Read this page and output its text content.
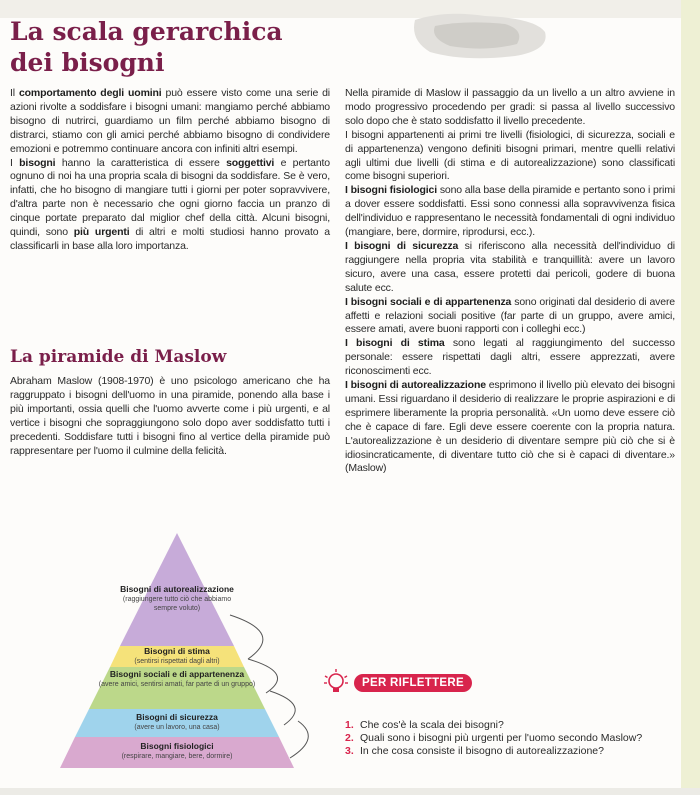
La scala gerarchica
dei bisogni

Il comportamento degli uomini può essere visto come una serie di azioni rivolte a soddisfare i bisogni umani: mangiamo perché abbiamo bisogno di nutrirci, guardiamo un film perché abbiamo bisogno di distrarci, stiamo con gli amici perché abbiamo bisogno di condividere emozioni e potremmo continuare ancora con infiniti altri esempi.

I bisogni hanno la caratteristica di essere soggettivi e pertanto ognuno di noi ha una propria scala di bisogni da soddisfare. Se è vero, infatti, che ho bisogno di mangiare tutti i giorni per poter sopravvivere, d'altra parte non è necessario che ogni giorno faccia un pranzo di cinque portate preparato dal miglior chef della città. Alcuni bisogni, quindi, sono più urgenti di altri e molti studiosi hanno provato a classificarli in base alla loro importanza.

La piramide di Maslow

Abraham Maslow (1908-1970) è uno psicologo americano che ha raggruppato i bisogni dell'uomo in una piramide, ponendo alla base i più importanti, ossia quelli che l'uomo avverte come i più urgenti, e al vertice i bisogni che sopraggiungono solo dopo aver soddisfatto tutti i precedenti. Soddisfare tutti i bisogni fino al vertice della piramide può rappresentare per l'uomo il culmine della felicità.

Nella piramide di Maslow il passaggio da un livello a un altro avviene in modo progressivo procedendo per gradi: si passa al livello successivo solo dopo che è stato soddisfatto il livello precedente.

I bisogni appartenenti ai primi tre livelli (fisiologici, di sicurezza, sociali e di appartenenza) vengono definiti bisogni primari, mentre quelli relativi agli ultimi due livelli (di stima e di autorealizzazione) sono classificati come bisogni superiori.

I bisogni fisiologici sono alla base della piramide e pertanto sono i primi a dover essere soddisfatti. Essi sono connessi alla sopravvivenza fisica dell'individuo e rappresentano le necessità fondamentali di ogni individuo (mangiare, bere, dormire, riprodursi, ecc.).

I bisogni di sicurezza si riferiscono alla necessità dell'individuo di raggiungere nella propria vita stabilità e tranquillità: avere un lavoro sicuro, avere una casa, essere protetti dai pericoli, godere di buona salute ecc.

I bisogni sociali e di appartenenza sono originati dal desiderio di avere affetti e relazioni sociali positive (far parte di un gruppo, avere amici, essere amati, avere buoni rapporti con i colleghi ecc.)

I bisogni di stima sono legati al raggiungimento del successo personale: essere rispettati dagli altri, essere apprezzati, avere riconoscimenti ecc.

I bisogni di autorealizzazione esprimono il livello più elevato dei bisogni umani. Essi riguardano il desiderio di realizzare le proprie aspirazioni e di esprimere liberamente la propria personalità. «Un uomo deve essere ciò che è capace di fare. Egli deve essere coerente con la propria natura. L'autorealizzazione è un desiderio di diventare sempre più ciò che si è idiosincraticamente, di diventare tutto ciò che si è capaci di diventare.» (Maslow)

Bisogni di autorealizzazione
(raggiungere tutto ciò che abbiamo sempre voluto)
Bisogni di stima
(sentirsi rispettati dagli altri)
Bisogni sociali e di appartenenza
(avere amici, sentirsi amati, far parte di un gruppo)
Bisogni di sicurezza
(avere un lavoro, una casa)
Bisogni fisiologici
(respirare, mangiare, bere, dormire)
PER RIFLETTERE
1. Che cos'è la scala dei bisogni?
2. Quali sono i bisogni più urgenti per l'uomo secondo Maslow?
3. In che cosa consiste il bisogno di autorealizzazione?
